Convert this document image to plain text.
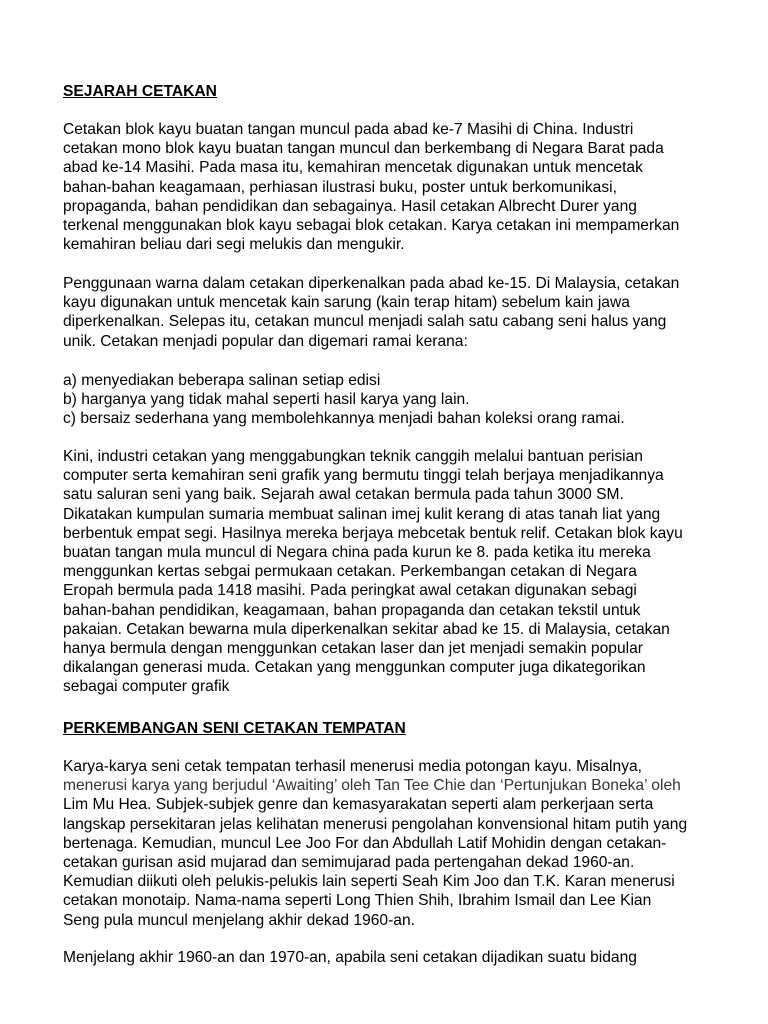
SEJARAH CETAKAN
Cetakan blok kayu buatan tangan muncul pada abad ke-7 Masihi di China. Industri
cetakan mono blok kayu buatan tangan muncul dan berkembang di Negara Barat pada
abad ke-14 Masihi. Pada masa itu, kemahiran mencetak digunakan untuk mencetak
bahan-bahan keagamaan, perhiasan ilustrasi buku, poster untuk berkomunikasi,
propaganda, bahan pendidikan dan sebagainya. Hasil cetakan Albrecht Durer yang
terkenal menggunakan blok kayu sebagai blok cetakan. Karya cetakan ini mempamerkan
kemahiran beliau dari segi melukis dan mengukir.
Penggunaan warna dalam cetakan diperkenalkan pada abad ke-15. Di Malaysia, cetakan
kayu digunakan untuk mencetak kain sarung (kain terap hitam) sebelum kain jawa
diperkenalkan. Selepas itu, cetakan muncul menjadi salah satu cabang seni halus yang
unik. Cetakan menjadi popular dan digemari ramai kerana:
a) menyediakan beberapa salinan setiap edisi
b) harganya yang tidak mahal seperti hasil karya yang lain.
c) bersaiz sederhana yang membolehkannya menjadi bahan koleksi orang ramai.
Kini, industri cetakan yang menggabungkan teknik canggih melalui bantuan perisian
computer serta kemahiran seni grafik yang bermutu tinggi telah berjaya menjadikannya
satu saluran seni yang baik. Sejarah awal cetakan bermula pada tahun 3000 SM.
Dikatakan kumpulan sumaria membuat salinan imej kulit kerang di atas tanah liat yang
berbentuk empat segi. Hasilnya mereka berjaya mebcetak bentuk relif. Cetakan blok kayu
buatan tangan mula muncul di Negara china pada kurun ke 8. pada ketika itu mereka
menggunkan kertas sebgai permukaan cetakan. Perkembangan cetakan di Negara
Eropah bermula pada 1418 masihi. Pada peringkat awal cetakan digunakan sebagi
bahan-bahan pendidikan, keagamaan, bahan propaganda dan cetakan tekstil untuk
pakaian. Cetakan bewarna mula diperkenalkan sekitar abad ke 15. di Malaysia, cetakan
hanya bermula dengan menggunkan cetakan laser dan jet menjadi semakin popular
dikalangan generasi muda. Cetakan yang menggunkan computer juga dikategorikan
sebagai computer grafik
PERKEMBANGAN SENI CETAKAN TEMPATAN
Karya-karya seni cetak tempatan terhasil menerusi media potongan kayu. Misalnya,
menerusi karya yang berjudul ‘Awaiting’ oleh Tan Tee Chie dan ‘Pertunjukan Boneka’ oleh
Lim Mu Hea. Subjek-subjek genre dan kemasyarakatan seperti alam perkerjaan serta
langskap persekitaran jelas kelihatan menerusi pengolahan konvensional hitam putih yang
bertenaga. Kemudian, muncul Lee Joo For dan Abdullah Latif Mohidin dengan cetakan-
cetakan gurisan asid mujarad dan semimujarad pada pertengahan dekad 1960-an.
Kemudian diikuti oleh pelukis-pelukis lain seperti Seah Kim Joo dan T.K. Karan menerusi
cetakan monotaip. Nama-nama seperti Long Thien Shih, Ibrahim Ismail dan Lee Kian
Seng pula muncul menjelang akhir dekad 1960-an.
Menjelang akhir 1960-an dan 1970-an, apabila seni cetakan dijadikan suatu bidang
